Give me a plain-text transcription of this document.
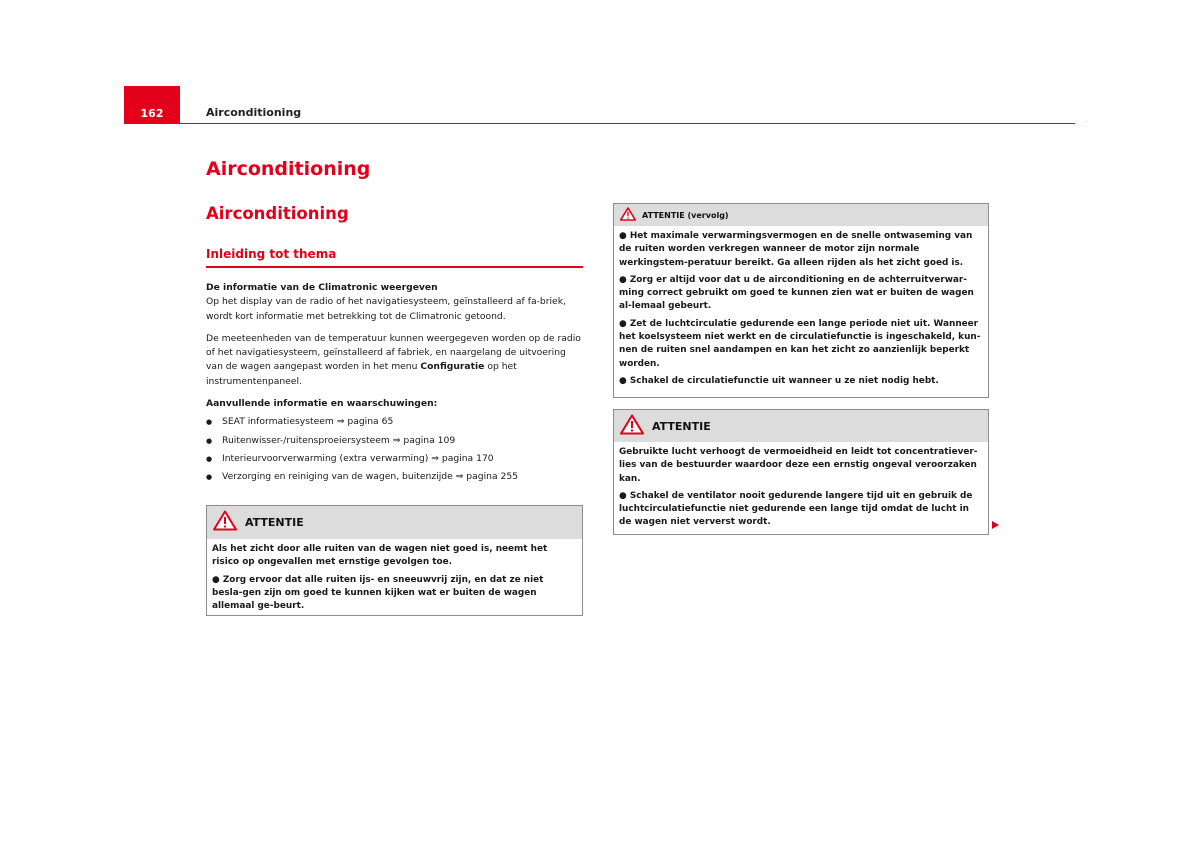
162	Airconditioning
Airconditioning
Airconditioning
Inleiding tot thema

De informatie van de Climatronic weergeven

Op het display van de radio of het navigatiesysteem, geïnstalleerd af fa-briek, wordt kort informatie met betrekking tot de Climatronic getoond.

De meeteenheden van de temperatuur kunnen weergegeven worden op de radio of het navigatiesysteem, geïnstalleerd af fabriek, en naargelang de uitvoering van de wagen aangepast worden in het menu Configuratie op het instrumentenpaneel.

Aanvullende informatie en waarschuwingen:

● SEAT informatiesysteem ⇒ pagina 65
● Ruitenwisser-/ruitensproeiersysteem ⇒ pagina 109
● Interieurvoorverwarming (extra verwarming) ⇒ pagina 170
● Verzorging en reiniging van de wagen, buitenzijde ⇒ pagina 255
ATTENTIE

Als het zicht door alle ruiten van de wagen niet goed is, neemt het risico op ongevallen met ernstige gevolgen toe.

● Zorg ervoor dat alle ruiten ijs- en sneeuwvrij zijn, en dat ze niet besla-gen zijn om goed te kunnen kijken wat er buiten de wagen allemaal ge-beurt.

ATTENTIE (vervolg)

● Het maximale verwarmingsvermogen en de snelle ontwaseming van de ruiten worden verkregen wanneer de motor zijn normale werkingstem-peratuur bereikt. Ga alleen rijden als het zicht goed is.

● Zorg er altijd voor dat u de airconditioning en de achterruitverwar-ming correct gebruikt om goed te kunnen zien wat er buiten de wagen al-lemaal gebeurt.

● Zet de luchtcirculatie gedurende een lange periode niet uit. Wanneer het koelsysteem niet werkt en de circulatiefunctie is ingeschakeld, kun-nen de ruiten snel aandampen en kan het zicht zo aanzienlijk beperkt worden.

● Schakel de circulatiefunctie uit wanneer u ze niet nodig hebt.

ATTENTIE

Gebruikte lucht verhoogt de vermoeidheid en leidt tot concentratiever-lies van de bestuurder waardoor deze een ernstig ongeval veroorzaken kan.

● Schakel de ventilator nooit gedurende langere tijd uit en gebruik de luchtcirculatiefunctie niet gedurende een lange tijd omdat de lucht in de wagen niet ververst wordt.
